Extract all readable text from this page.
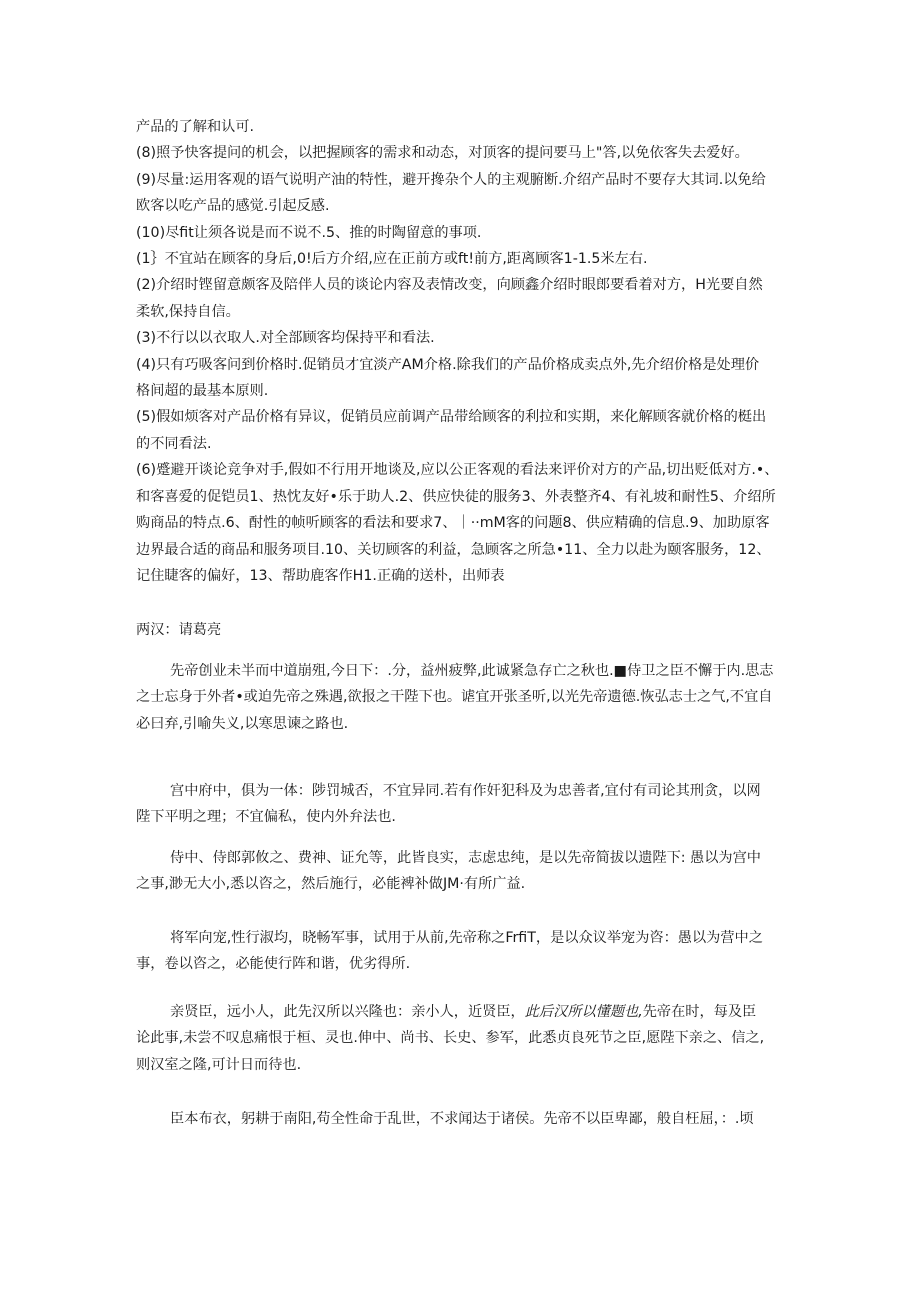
产品的了解和认可.
(8)照予快客提问的机会，以把握顾客的需求和动态，对顶客的提问要马上"答,以免依客失去爱好。
(9)尽量:运用客观的语气说明产油的特性，避开搀杂个人的主观腑断.介绍产品时不要存大其词.以免给
欧客以吃产品的感觉.引起反感.
(10)尽fit让须各说是而不说不.5、推的时陶留意的事项.
(1｝不宜站在顾客的身后,0!后方介绍,应在正前方或ft!前方,距离顾客1-1.5米左右.
(2)介绍时铿留意颇客及陪伴人员的谈论内容及表情改变，向顾鑫介绍时眼郎要看着对方，H光要自然
柔软,保持自信。
(3)不行以以衣取人.对全部顾客均保持平和看法.
(4)只有巧吸客问到价格时.促销员才宜淡产AM介格.除我们的产品价格成卖点外,先介绍价格是处理价
格间超的最基本原则.
(5)假如烦客对产品价格有异议，促销员应前调产品带给顾客的利拉和实期，来化解顾客就价格的梃出
的不同看法.
(6)蹙避开谈论竞争对手,假如不行用开地谈及,应以公正客观的看法来评价对方的产品,切出贬低对方.•、
和客喜爱的促铠员1、热忱友好•乐于助人.2、供应快徒的服务3、外表整齐4、有礼坡和耐性5、介绍所
购商品的特点.6、酎性的帧听顾客的看法和要求7、｜··mM客的问题8、供应精确的信息.9、加助原客
边界最合适的商品和服务项目.10、关切顾客的利益，急顾客之所急•11、全力以赴为颐客服务，12、
记住睫客的偏好，13、帮助鹿客作H1.正确的送朴，出师表
两汉：请葛亮
先帝创业未半而中道崩殂,今日下：.分，益州疲弊,此诚紧急存亡之秋也.■侍卫之臣不懈于内.思志
之士忘身于外者•或迫先帝之殊遇,欲报之干陛下也。谑宜开张圣听,以光先帝遗德.恢弘志士之气,不宜自
必曰弃,引喻失义,以寒思谏之路也.
宫中府中，俱为一体：陟罚城否，不宜异同.若有作奸犯科及为忠善者,宜付有司论其刑贪，以网
陛下平明之理；不宜偏私，使内外弁法也.
侍中、侍郎郭攸之、费神、证允等，此皆良实，志虑忠纯，是以先帝简拔以遗陛下: 愚以为宫中
之事,渺无大小,悉以咨之，然后施行，必能裨补做JM·有所广益.
将军向宠,性行淑均，晓畅军事，试用于从前,先帝称之FrfiT，是以众议举宠为咨：愚以为营中之
事，卷以咨之，必能使行阵和谐，优劣得所.
亲贤臣，远小人，此先汉所以兴隆也：亲小人，近贤臣，此后汉所以懂题也,先帝在时，每及臣
论此事,未尝不叹息痛恨于桓、灵也.伸中、尚书、长史、参军，此悉贞良死节之臣,愿陛下亲之、信之,
则汉室之隆,可计日而待也.
臣本布衣，躬耕于南阳,苟全性命于乱世，不求闻达于诸侯。先帝不以臣卑鄙，般自枉屈，：.顷
